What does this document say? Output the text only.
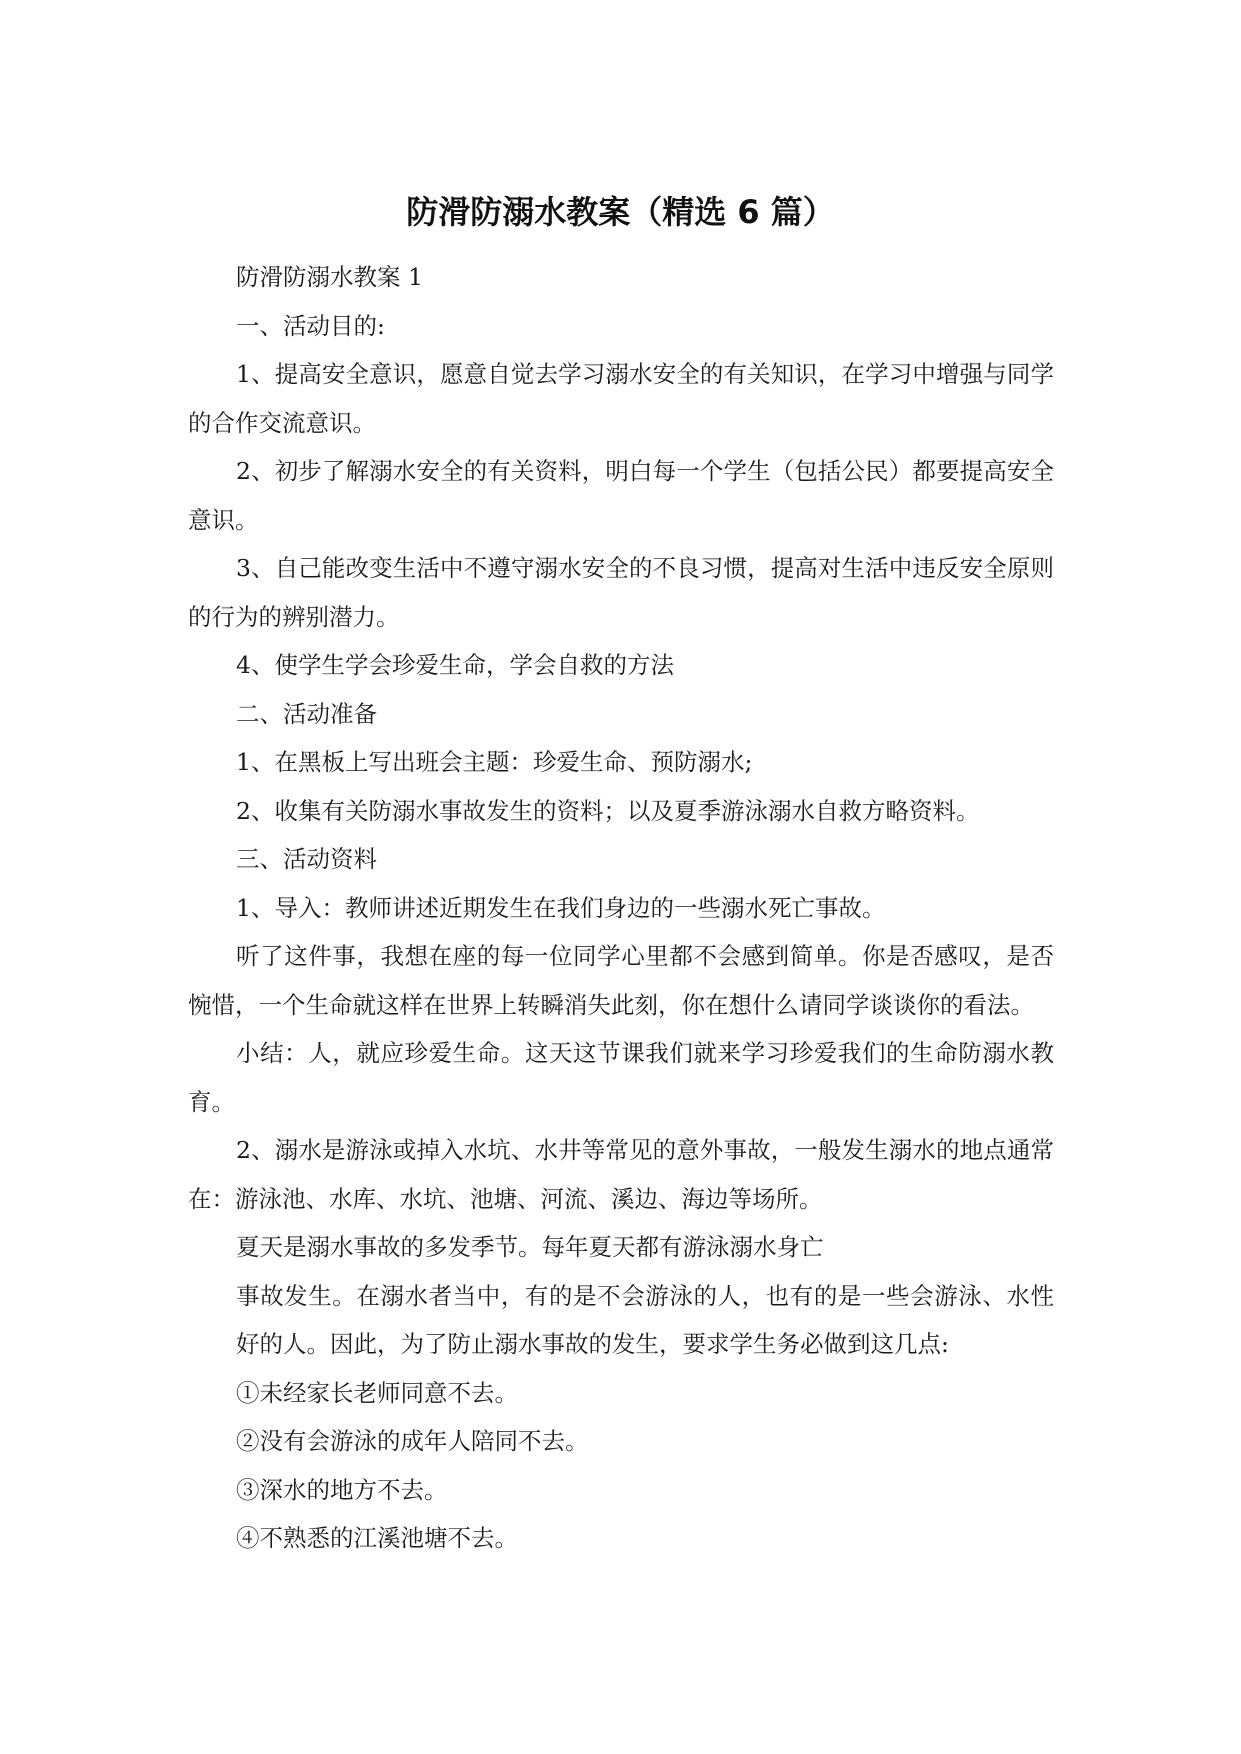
防滑防溺水教案（精选 6 篇）

防滑防溺水教案 1

一、活动目的:

1、提高安全意识，愿意自觉去学习溺水安全的有关知识，在学习中增强与同学的合作交流意识。

2、初步了解溺水安全的有关资料，明白每一个学生（包括公民）都要提高安全意识。

3、自己能改变生活中不遵守溺水安全的不良习惯，提高对生活中违反安全原则的行为的辨别潜力。

4、使学生学会珍爱生命，学会自救的方法

二、活动准备

1、在黑板上写出班会主题：珍爱生命、预防溺水;

2、收集有关防溺水事故发生的资料；以及夏季游泳溺水自救方略资料。

三、活动资料

1、导入：教师讲述近期发生在我们身边的一些溺水死亡事故。

听了这件事，我想在座的每一位同学心里都不会感到简单。你是否感叹，是否惋惜，一个生命就这样在世界上转瞬消失此刻，你在想什么请同学谈谈你的看法。

小结：人，就应珍爱生命。这天这节课我们就来学习珍爱我们的生命防溺水教育。

2、溺水是游泳或掉入水坑、水井等常见的意外事故，一般发生溺水的地点通常在：游泳池、水库、水坑、池塘、河流、溪边、海边等场所。

夏天是溺水事故的多发季节。每年夏天都有游泳溺水身亡

事故发生。在溺水者当中，有的是不会游泳的人，也有的是一些会游泳、水性好的人。因此，为了防止溺水事故的发生，要求学生务必做到这几点:

①未经家长老师同意不去。

②没有会游泳的成年人陪同不去。

③深水的地方不去。

④不熟悉的江溪池塘不去。
